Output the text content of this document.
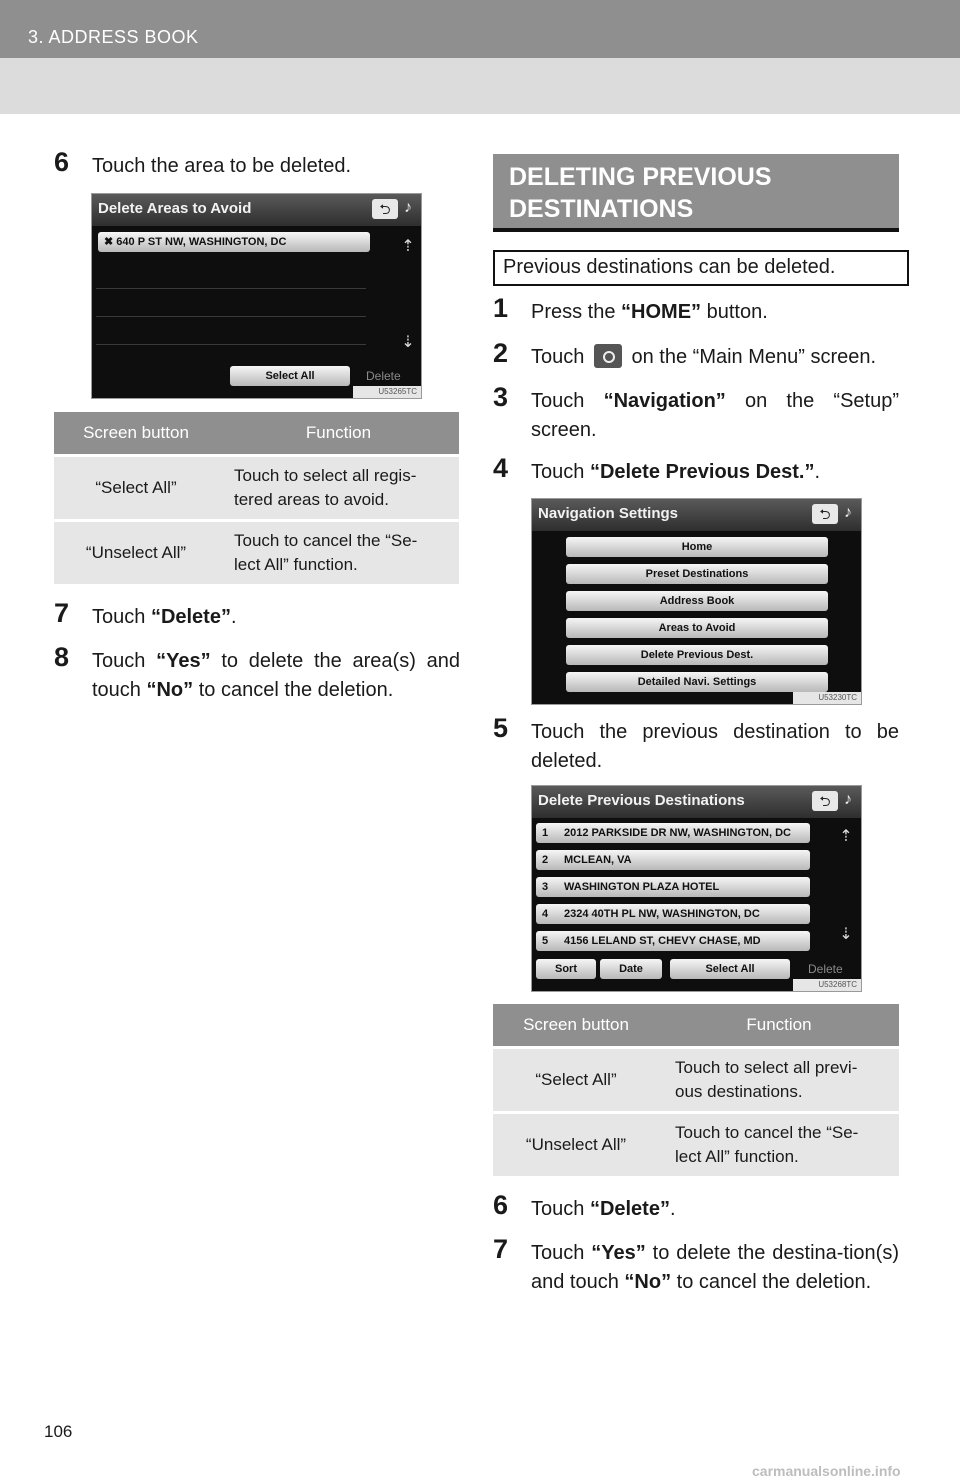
3. ADDRESS BOOK
6 Touch the area to be deleted.
Delete Areas to Avoid	⮌ ♪
✖ 640 P ST NW, WASHINGTON, DC	⇡
⇣
Select All	Delete
U53265TC
Screen button	Function
“Select All”	Touch to select all regis-
tered areas to avoid.
“Unselect All”	Touch to cancel the “Se-
lect All” function.
7 Touch “Delete”.
8 Touch “Yes” to delete the area(s) and touch “No” to cancel the deletion.
DELETING PREVIOUS DESTINATIONS
Previous destinations can be deleted.
1 Press the “HOME” button.
2 Touch  on the “Main Menu” screen.
3 Touch “Navigation” on the “Setup” screen.
4 Touch “Delete Previous Dest.”.
Navigation Settings	⮌ ♪
Home
Preset Destinations
Address Book
Areas to Avoid
Delete Previous Dest.
Detailed Navi. Settings
U53230TC
5 Touch the previous destination to be deleted.
Delete Previous Destinations	⮌ ♪
1 2012 PARKSIDE DR NW, WASHINGTON, DC
2 MCLEAN, VA
3 WASHINGTON PLAZA HOTEL
4 2324 40TH PL NW, WASHINGTON, DC
5 4156 LELAND ST, CHEVY CHASE, MD
⇡
⇣
Sort	Date	Select All	Delete
U53268TC
Screen button	Function
“Select All”	Touch to select all previ-
ous destinations.
“Unselect All”	Touch to cancel the “Se-
lect All” function.
6 Touch “Delete”.
7 Touch “Yes” to delete the destina-tion(s) and touch “No” to cancel the deletion.
106
carmanualsonline.info
